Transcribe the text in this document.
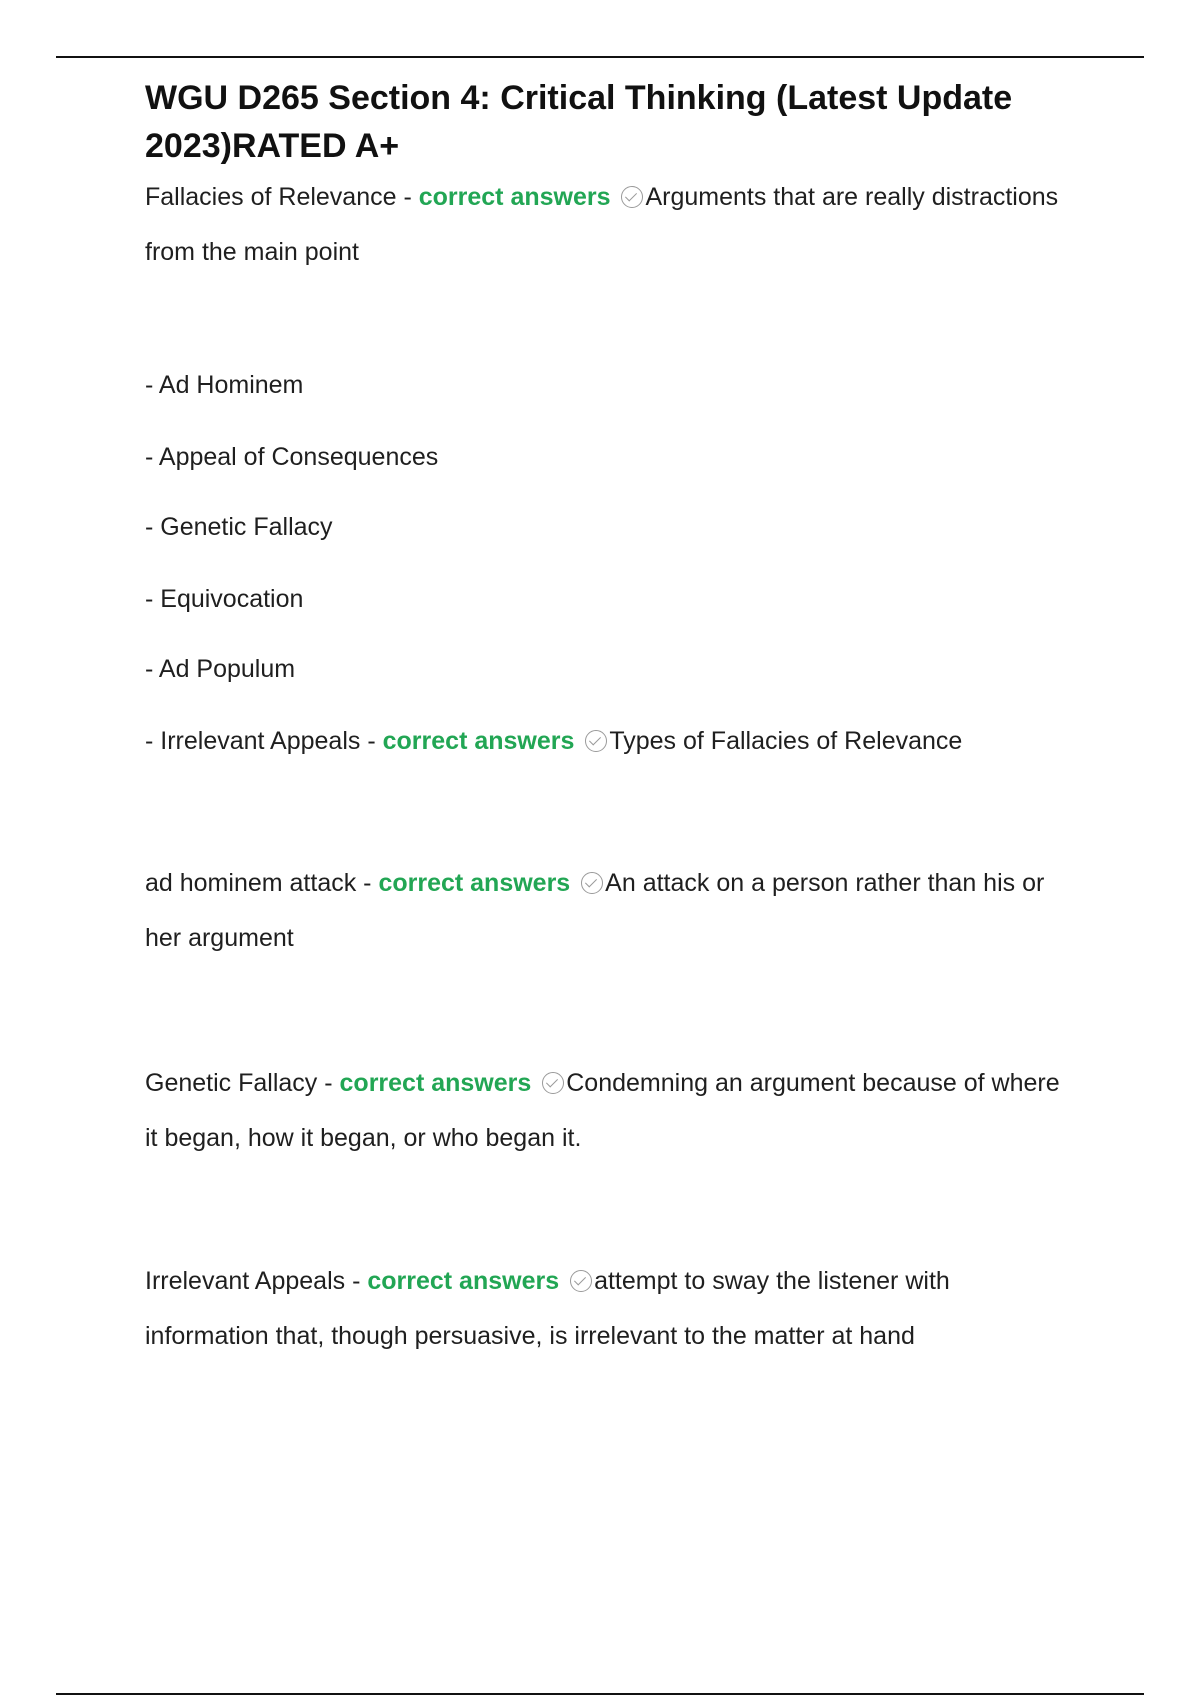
WGU D265 Section 4: Critical Thinking (Latest Update 2023)RATED A+

Fallacies of Relevance - correct answers Arguments that are really distractions from the main point

- Ad Hominem

- Appeal of Consequences

- Genetic Fallacy

- Equivocation

- Ad Populum

- Irrelevant Appeals - correct answers Types of Fallacies of Relevance

ad hominem attack - correct answers An attack on a person rather than his or her argument

Genetic Fallacy - correct answers Condemning an argument because of where it began, how it began, or who began it.

Irrelevant Appeals - correct answers attempt to sway the listener with information that, though persuasive, is irrelevant to the matter at hand
